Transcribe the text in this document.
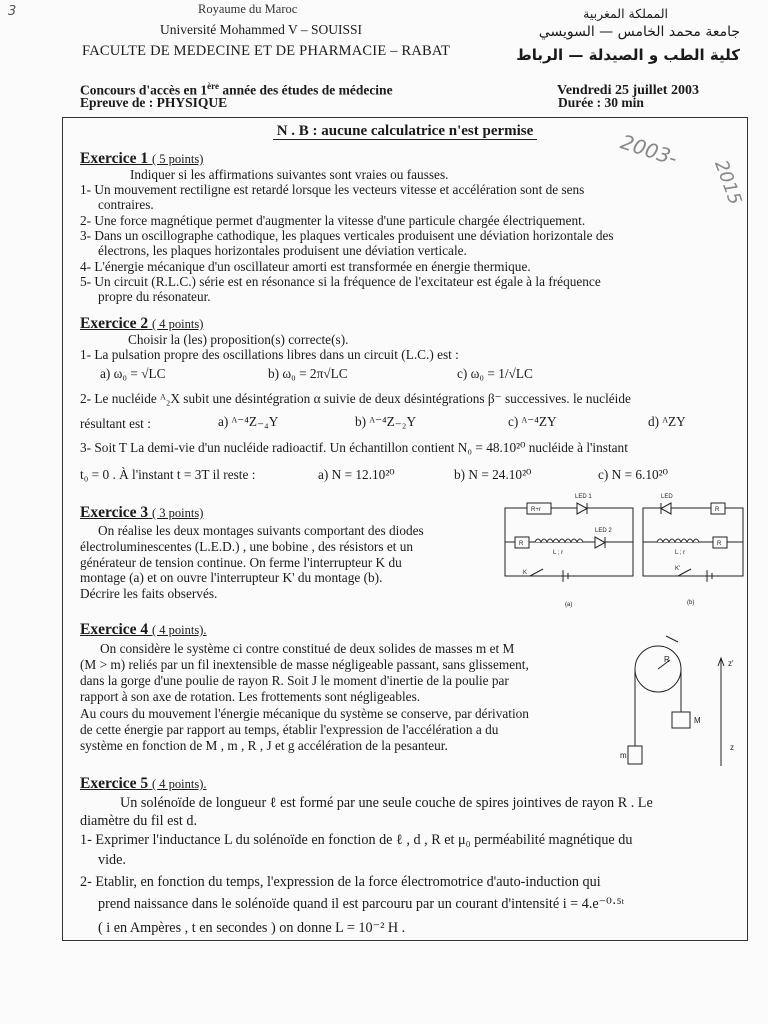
3	Royaume du Maroc
Université Mohammed V – SOUISSI
FACULTE DE MEDECINE ET DE PHARMACIE – RABAT
المملكة المغربية
جامعة محمد الخامس — السويسي
كلية الطب و الصيدلة — الرباط
Concours d'accès en 1ère année des études de médecine
Epreuve de : PHYSIQUE
Vendredi 25 juillet 2003
Durée : 30 min
N . B : aucune calculatrice n'est permise	2003-
2015
Exercice 1 ( 5 points)
Indiquer si les affirmations suivantes sont vraies ou fausses.
1- Un mouvement rectiligne est retardé lorsque les vecteurs vitesse et accélération sont de sens
contraires.
2- Une force magnétique permet d'augmenter la vitesse d'une particule chargée électriquement.
3- Dans un oscillographe cathodique, les plaques verticales produisent une déviation horizontale des
électrons, les plaques horizontales produisent une déviation verticale.
4- L'énergie mécanique d'un oscillateur amorti est transformée en énergie thermique.
5- Un circuit (R.L.C.) série est en résonance si la fréquence de l'excitateur est égale à la fréquence
propre du résonateur.
Exercice 2 ( 4 points)
Choisir la (les) proposition(s) correcte(s).
1- La pulsation propre des oscillations libres dans un circuit (L.C.) est :
a) ω₀ = √LC	b) ω₀ = 2π√LC	c) ω₀ = 1/√LC
2- Le nucléide ᴬ₂X subit une désintégration α suivie de deux désintégrations β⁻ successives. le nucléide
résultant est :	a) ᴬ⁻⁴Z₋₄Y	b) ᴬ⁻⁴Z₋₂Y	c) ᴬ⁻⁴ZY	d) ᴬZY
3- Soit T La demi-vie d'un nucléide radioactif. Un échantillon contient N₀ = 48.10²⁰ nucléide à l'instant
t₀ = 0 . À l'instant t = 3T il reste :	a) N = 12.10²⁰	b) N = 24.10²⁰	c) N = 6.10²⁰
Exercice 3 ( 3 points)
On réalise les deux montages suivants comportant des diodes
électroluminescentes (L.E.D.) , une bobine , des résistors et un
générateur de tension continue. On ferme l'interrupteur K du
montage (a) et on ouvre l'interrupteur K' du montage (b).
Décrire les faits observés.
LED 1
LED 2
LED
R+r
R
R
R
L ; r	L ; r
K
K'
(a)	(b)
Exercice 4 ( 4 points).
On considère le système ci contre constitué de deux solides de masses m et M
(M > m) reliés par un fil inextensible de masse négligeable passant, sans glissement,
dans la gorge d'une poulie de rayon R. Soit J le moment d'inertie de la poulie par
rapport à son axe de rotation. Les frottements sont négligeables.
Au cours du mouvement l'énergie mécanique du système se conserve, par dérivation
de cette énergie par rapport au temps, établir l'expression de l'accélération a du
système en fonction de M , m , R , J et g accélération de la pesanteur.
R
M
m
z
z'
Exercice 5 ( 4 points).
Un solénoïde de longueur ℓ est formé par une seule couche de spires jointives de rayon R . Le
diamètre du fil est d.
1- Exprimer l'inductance L du solénoïde en fonction de ℓ , d , R et μ₀ perméabilité magnétique du
vide.
2- Etablir, en fonction du temps, l'expression de la force électromotrice d'auto-induction qui
prend naissance dans le solénoïde quand il est parcouru par un courant d'intensité i = 4.e⁻⁰·⁵ᵗ
( i en Ampères , t en secondes ) on donne L = 10⁻² H .
